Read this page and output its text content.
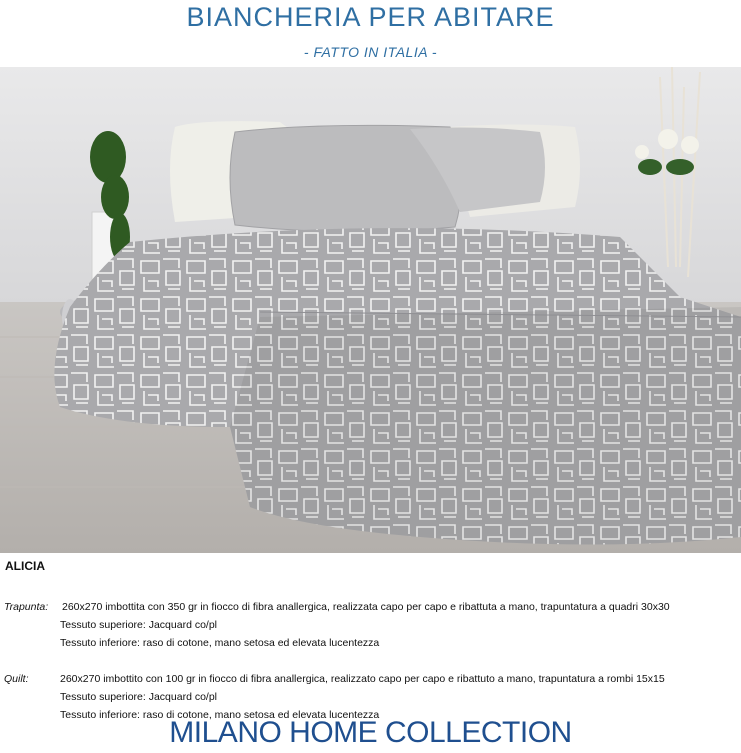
BIANCHERIA PER ABITARE
- FATTO IN ITALIA -
ALICIA
Trapunta: 260x270 imbottita con 350 gr in fiocco di fibra anallergica, realizzata capo per capo e ribattuta a mano, trapuntatura a quadri 30x30
Tessuto superiore: Jacquard co/pl
Tessuto inferiore: raso di cotone, mano setosa ed elevata lucentezza
Quilt:	260x270 imbottito con 100 gr in fiocco di fibra anallergica, realizzato capo per capo e ribattuto a mano, trapuntatura a rombi 15x15
Tessuto superiore: Jacquard co/pl
Tessuto inferiore: raso di cotone, mano setosa ed elevata lucentezza
MILANO HOME COLLECTION
